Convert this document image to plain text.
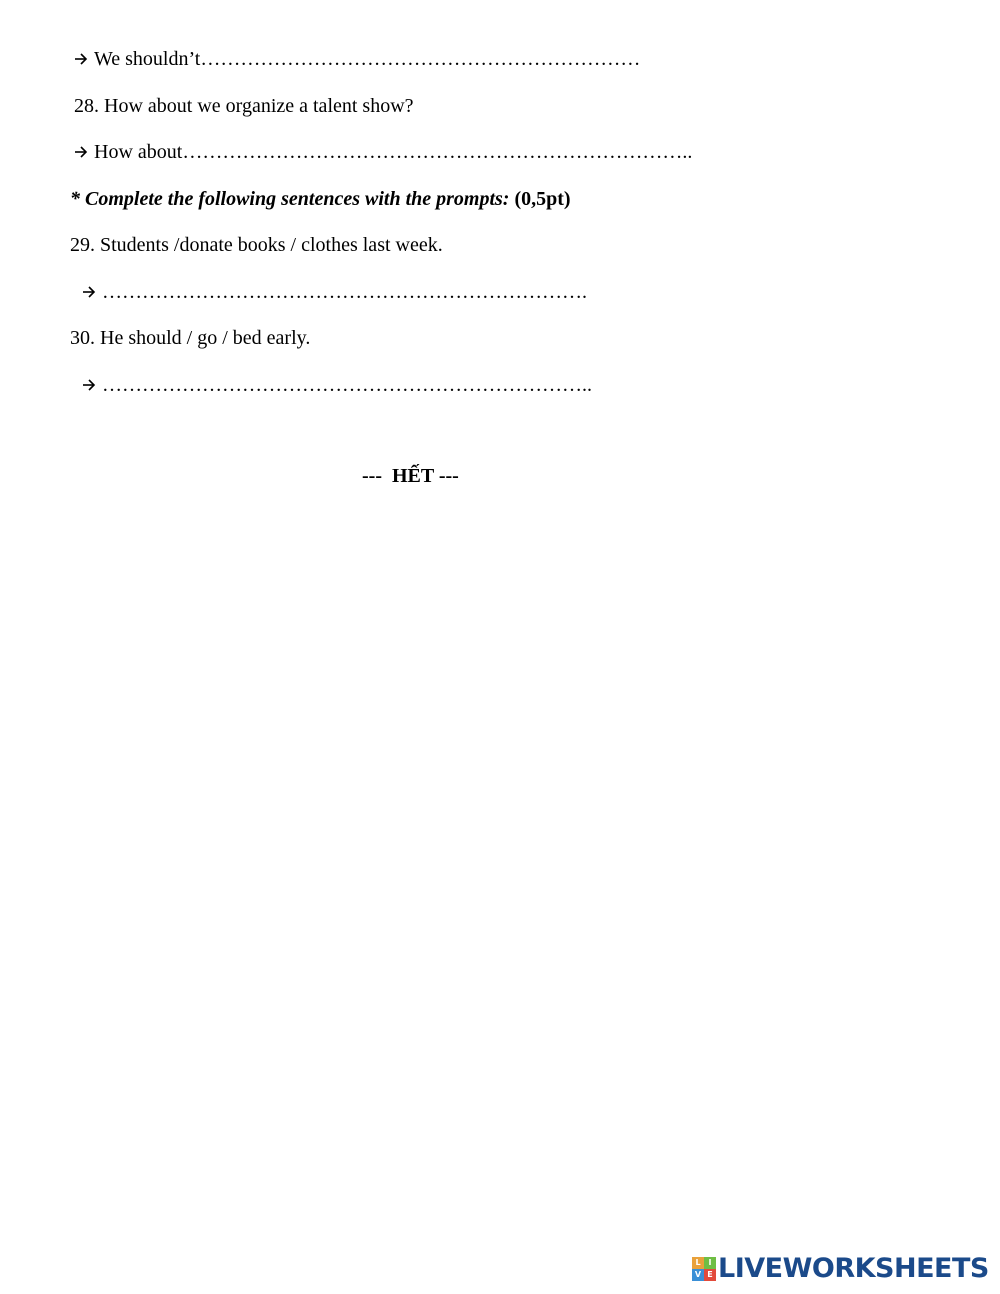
We shouldn’t…………………………………………………………
28. How about we organize a talent show?
How about…………………………………………………………………..
* Complete the following sentences with the prompts: (0,5pt)
29. Students /donate books / clothes last week.
……………………………………………………………….
30. He should / go / bed early.
………………………………………………………………..
---  HẾT ---
L I
V E LIVEWORKSHEETS
